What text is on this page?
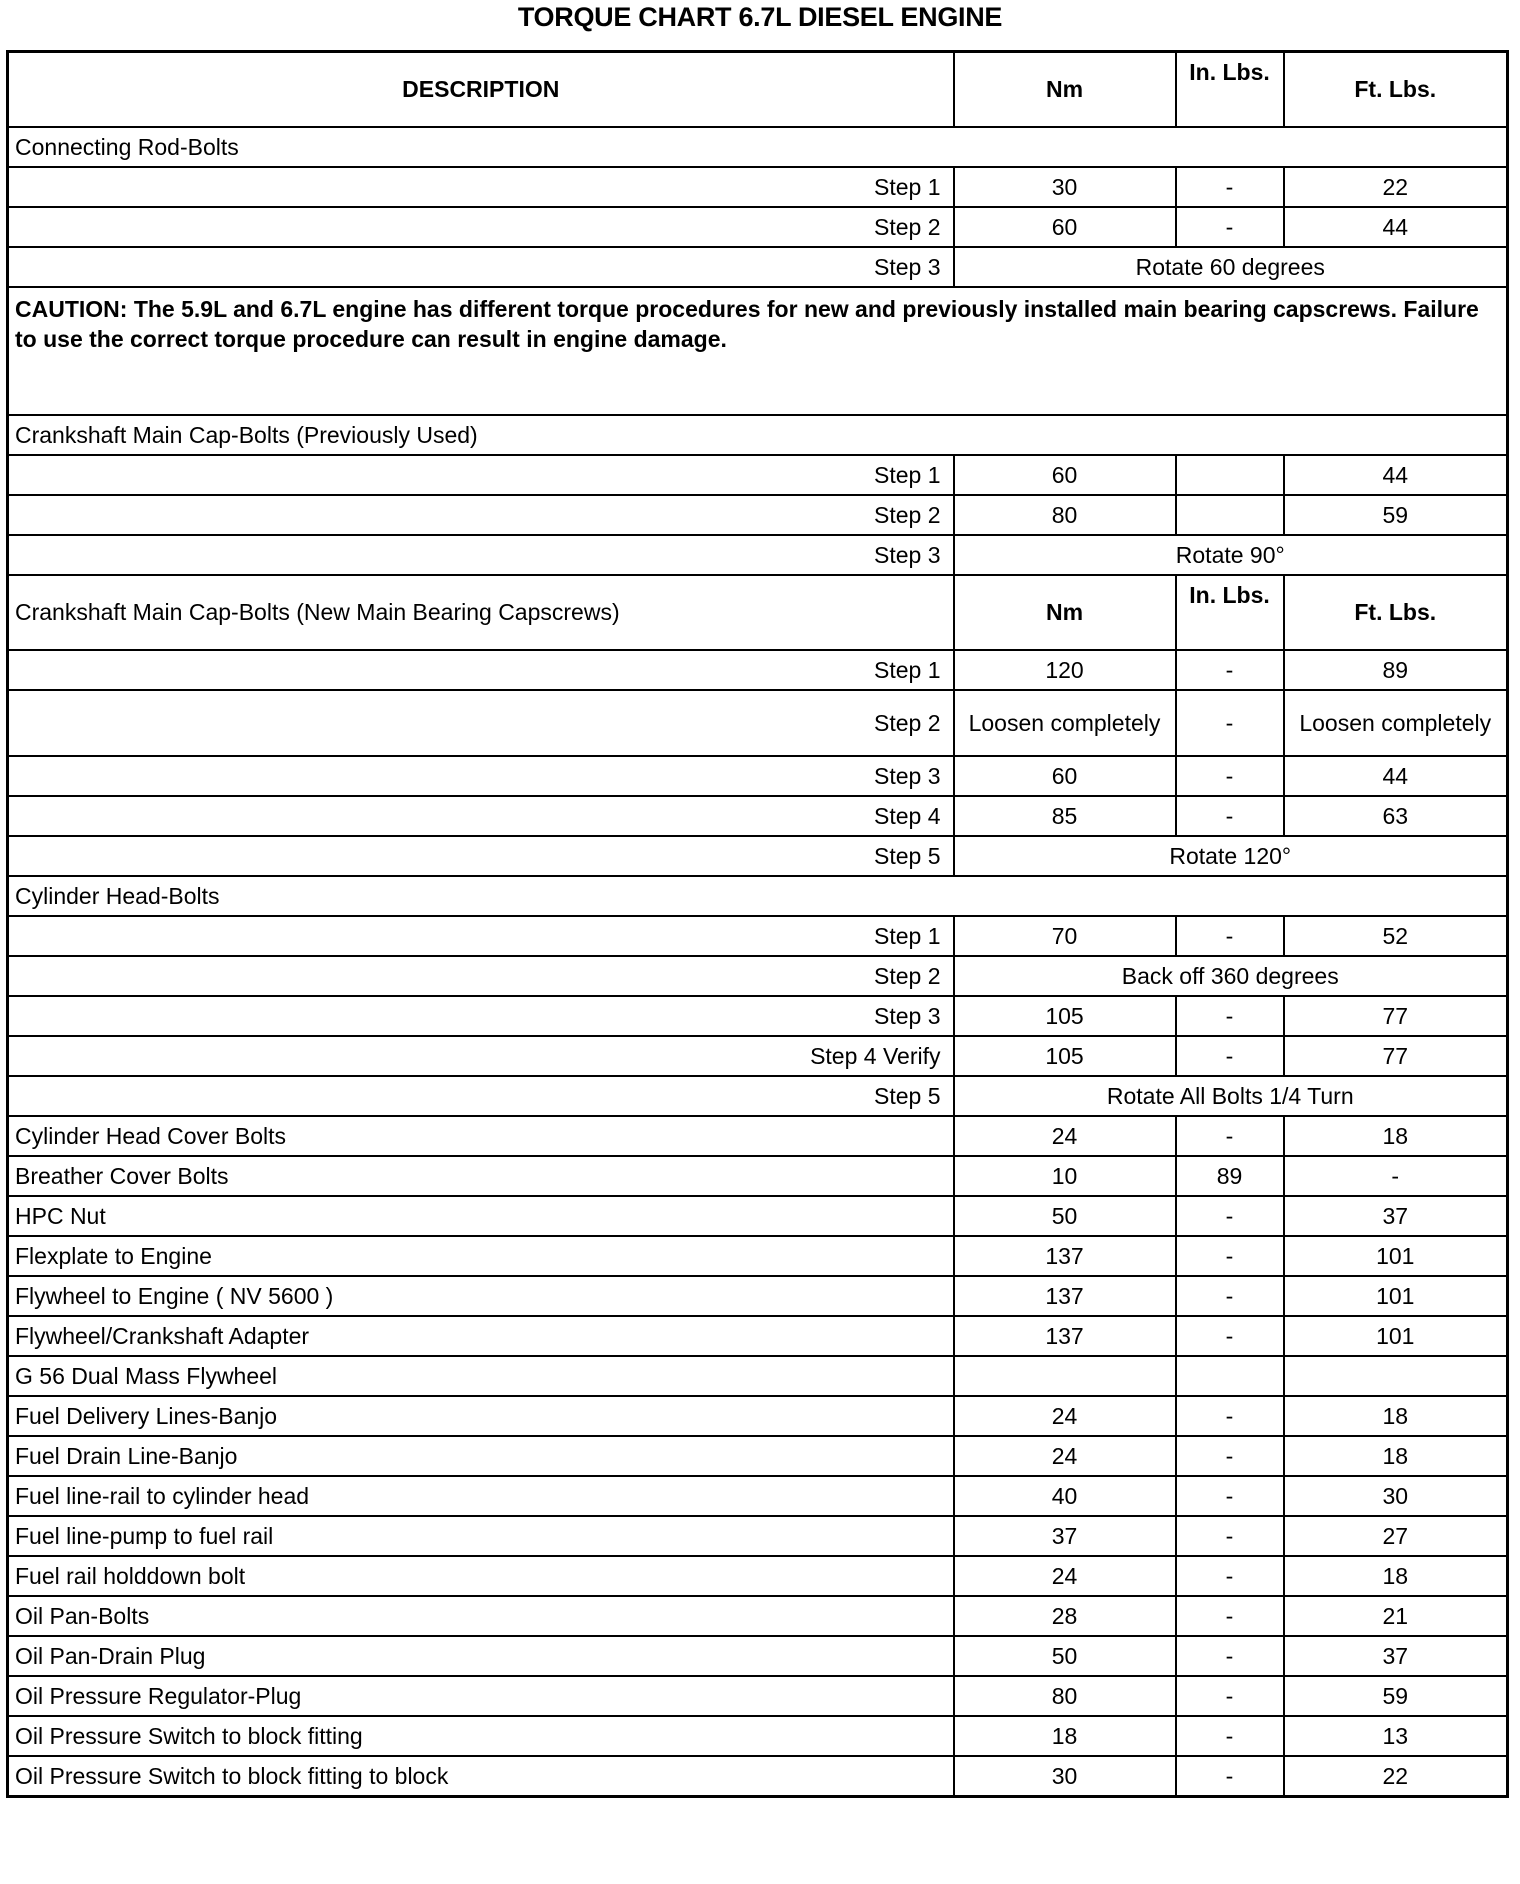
TORQUE CHART 6.7L DIESEL ENGINE
DESCRIPTION	Nm	In. Lbs.	Ft. Lbs.
Connecting Rod-Bolts			
Step 1	30	-	22
Step 2	60	-	44
Step 3	Rotate 60 degrees		
CAUTION: The 5.9L and 6.7L engine has different torque procedures for new and previously installed main bearing capscrews. Failure to use the correct torque procedure can result in engine damage.			
Crankshaft Main Cap-Bolts (Previously Used)			
Step 1	60		44
Step 2	80		59
Step 3	Rotate 90°		
Crankshaft Main Cap-Bolts (New Main Bearing Capscrews)	Nm	In. Lbs.	Ft. Lbs.
Step 1	120	-	89
Step 2	Loosen completely	-	Loosen completely
Step 3	60	-	44
Step 4	85	-	63
Step 5	Rotate 120°		
Cylinder Head-Bolts			
Step 1	70	-	52
Step 2	Back off 360 degrees		
Step 3	105	-	77
Step 4 Verify	105	-	77
Step 5	Rotate All Bolts 1/4 Turn		
Cylinder Head Cover Bolts	24	-	18
Breather Cover Bolts	10	89	-
HPC Nut	50	-	37
Flexplate to Engine	137	-	101
Flywheel to Engine ( NV 5600 )	137	-	101
Flywheel/Crankshaft Adapter	137	-	101
G 56 Dual Mass Flywheel			
Fuel Delivery Lines-Banjo	24	-	18
Fuel Drain Line-Banjo	24	-	18
Fuel line-rail to cylinder head	40	-	30
Fuel line-pump to fuel rail	37	-	27
Fuel rail holddown bolt	24	-	18
Oil Pan-Bolts	28	-	21
Oil Pan-Drain Plug	50	-	37
Oil Pressure Regulator-Plug	80	-	59
Oil Pressure Switch to block fitting	18	-	13
Oil Pressure Switch to block fitting to block	30	-	22
